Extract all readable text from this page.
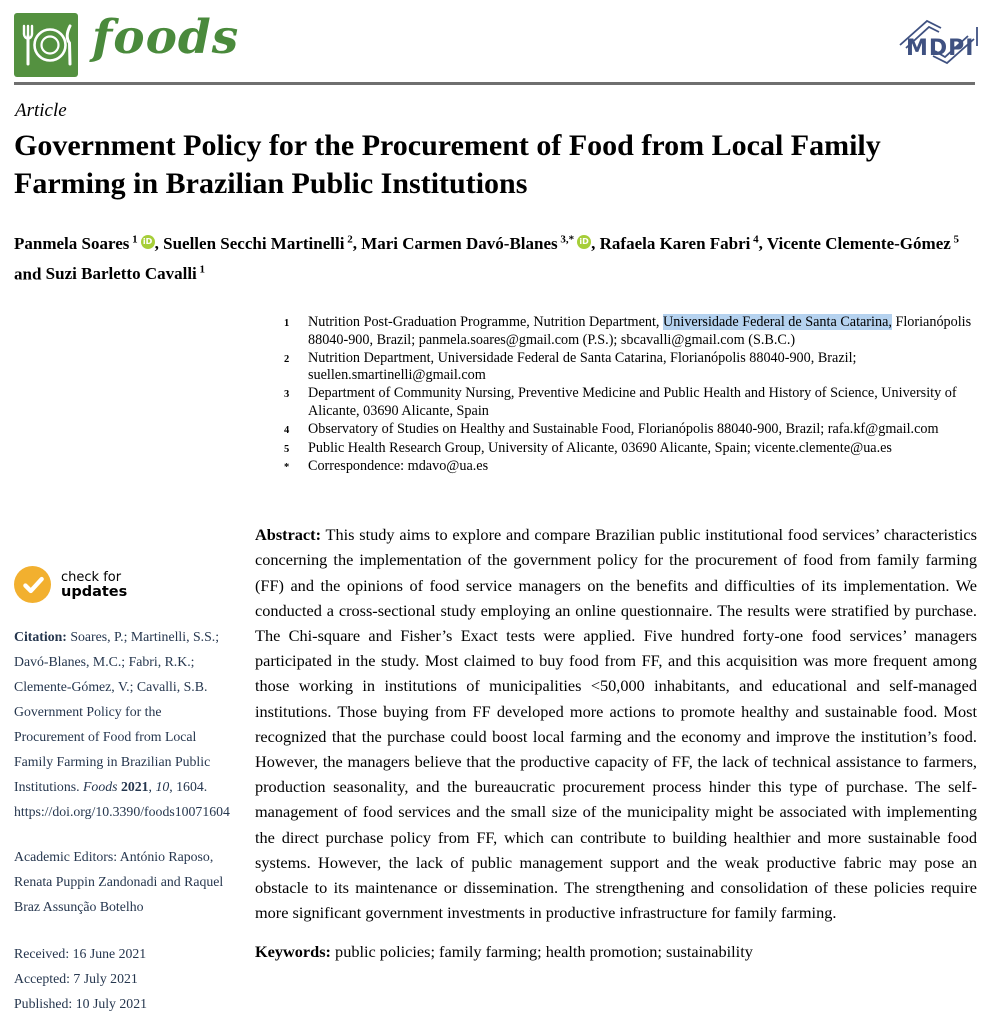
foods	MDPI
Article
Government Policy for the Procurement of Food from Local Family Farming in Brazilian Public Institutions
Panmela Soares $^1$ iD , Suellen Secchi Martinelli $^2$, Mari Carmen Davó-Blanes $^{3,*}$ iD , Rafaela Karen Fabri $^4$, Vicente Clemente-Gómez $^5$ and Suzi Barletto Cavalli $^1$
check for
updates

Citation: Soares, P.; Martinelli, S.S.; Davó-Blanes, M.C.; Fabri, R.K.; Clemente-Gómez, V.; Cavalli, S.B. Government Policy for the Procurement of Food from Local Family Farming in Brazilian Public Institutions. Foods 2021, 10, 1604. https://doi.org/10.3390/foods10071604

Academic Editors: António Raposo, Renata Puppin Zandonadi and Raquel Braz Assunção Botelho

Received: 16 June 2021
Accepted: 7 July 2021
Published: 10 July 2021
1	Nutrition Post-Graduation Programme, Nutrition Department, Universidade Federal de Santa Catarina, Florianópolis 88040-900, Brazil; panmela.soares@gmail.com (P.S.); sbcavalli@gmail.com (S.B.C.)
2	Nutrition Department, Universidade Federal de Santa Catarina, Florianópolis 88040-900, Brazil; suellen.smartinelli@gmail.com
3	Department of Community Nursing, Preventive Medicine and Public Health and History of Science, University of Alicante, 03690 Alicante, Spain
4	Observatory of Studies on Healthy and Sustainable Food, Florianópolis 88040-900, Brazil; rafa.kf@gmail.com
5	Public Health Research Group, University of Alicante, 03690 Alicante, Spain; vicente.clemente@ua.es
*	Correspondence: mdavo@ua.es

Abstract: This study aims to explore and compare Brazilian public institutional food services’ characteristics concerning the implementation of the government policy for the procurement of food from family farming (FF) and the opinions of food service managers on the benefits and difficulties of its implementation. We conducted a cross-sectional study employing an online questionnaire. The results were stratified by purchase. The Chi-square and Fisher’s Exact tests were applied. Five hundred forty-one food services’ managers participated in the study. Most claimed to buy food from FF, and this acquisition was more frequent among those working in institutions of municipalities <50,000 inhabitants, and educational and self-managed institutions. Those buying from FF developed more actions to promote healthy and sustainable food. Most recognized that the purchase could boost local farming and the economy and improve the institution’s food. However, the managers believe that the productive capacity of FF, the lack of technical assistance to farmers, production seasonality, and the bureaucratic procurement process hinder this type of purchase. The self-management of food services and the small size of the municipality might be associated with implementing the direct purchase policy from FF, which can contribute to building healthier and more sustainable food systems. However, the lack of public management support and the weak productive fabric may pose an obstacle to its maintenance or dissemination. The strengthening and consolidation of these policies require more significant government investments in productive infrastructure for family farming.

Keywords: public policies; family farming; health promotion; sustainability
